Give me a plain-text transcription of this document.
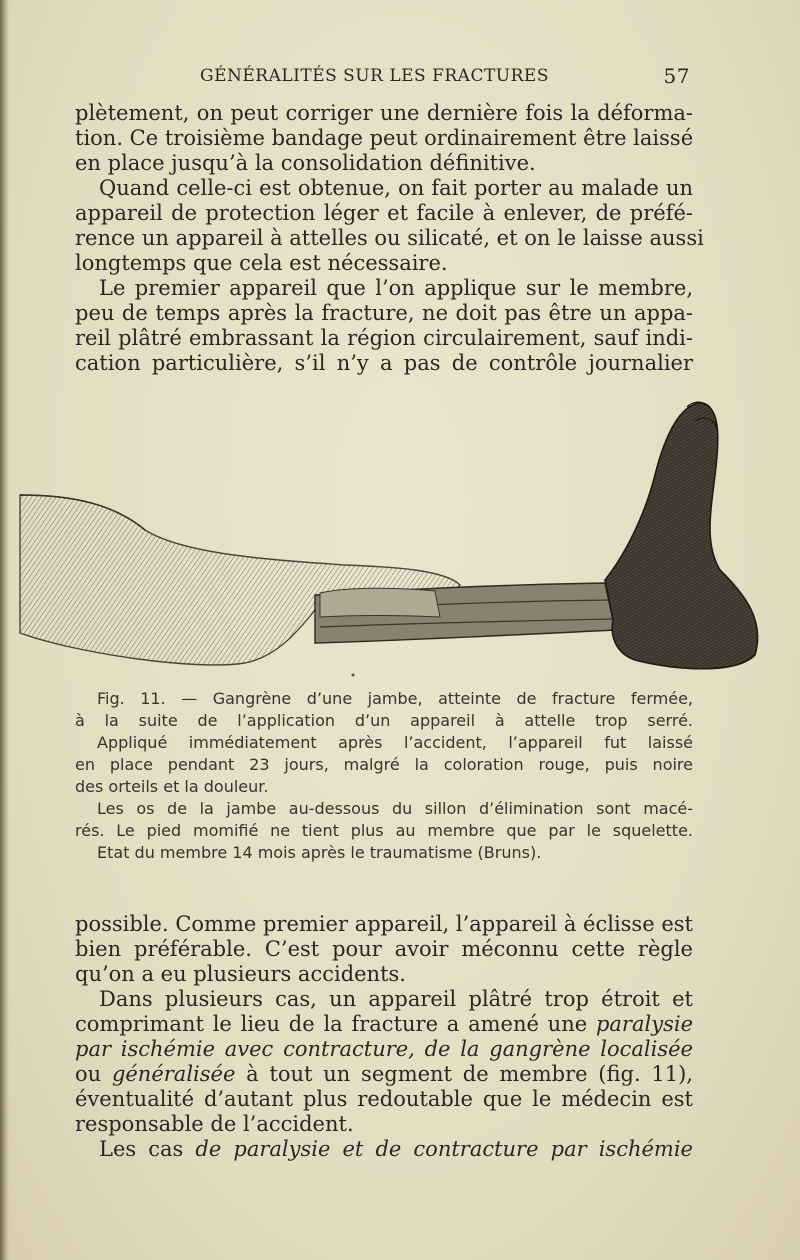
GÉNÉRALITÉS SUR LES FRACTURES	57
plètement, on peut corriger une dernière fois la déforma-
tion. Ce troisième bandage peut ordinairement être laissé
en place jusqu’à la consolidation définitive.
Quand celle-ci est obtenue, on fait porter au malade un
appareil de protection léger et facile à enlever, de préfé-
rence un appareil à attelles ou silicaté, et on le laisse aussi
longtemps que cela est nécessaire.
Le premier appareil que l’on applique sur le membre,
peu de temps après la fracture, ne doit pas être un appa-
reil plâtré embrassant la région circulairement, sauf indi-
cation particulière, s’il n’y a pas de contrôle journalier
Fig. 11. — Gangrène d’une jambe, atteinte de fracture fermée,
à la suite de l’application d’un appareil à attelle trop serré.
Appliqué immédiatement après l’accident, l’appareil fut laissé
en place pendant 23 jours, malgré la coloration rouge, puis noire
des orteils et la douleur.
Les os de la jambe au-dessous du sillon d’élimination sont macé-
rés. Le pied momifié ne tient plus au membre que par le squelette.
Etat du membre 14 mois après le traumatisme (Bruns).
possible. Comme premier appareil, l’appareil à éclisse est
bien préférable. C’est pour avoir méconnu cette règle
qu’on a eu plusieurs accidents.
Dans plusieurs cas, un appareil plâtré trop étroit et
comprimant le lieu de la fracture a amené une paralysie
par ischémie avec contracture, de la gangrène localisée
ou généralisée à tout un segment de membre (fig. 11),
éventualité d’autant plus redoutable que le médecin est
responsable de l’accident.
Les cas de paralysie et de contracture par ischémie
